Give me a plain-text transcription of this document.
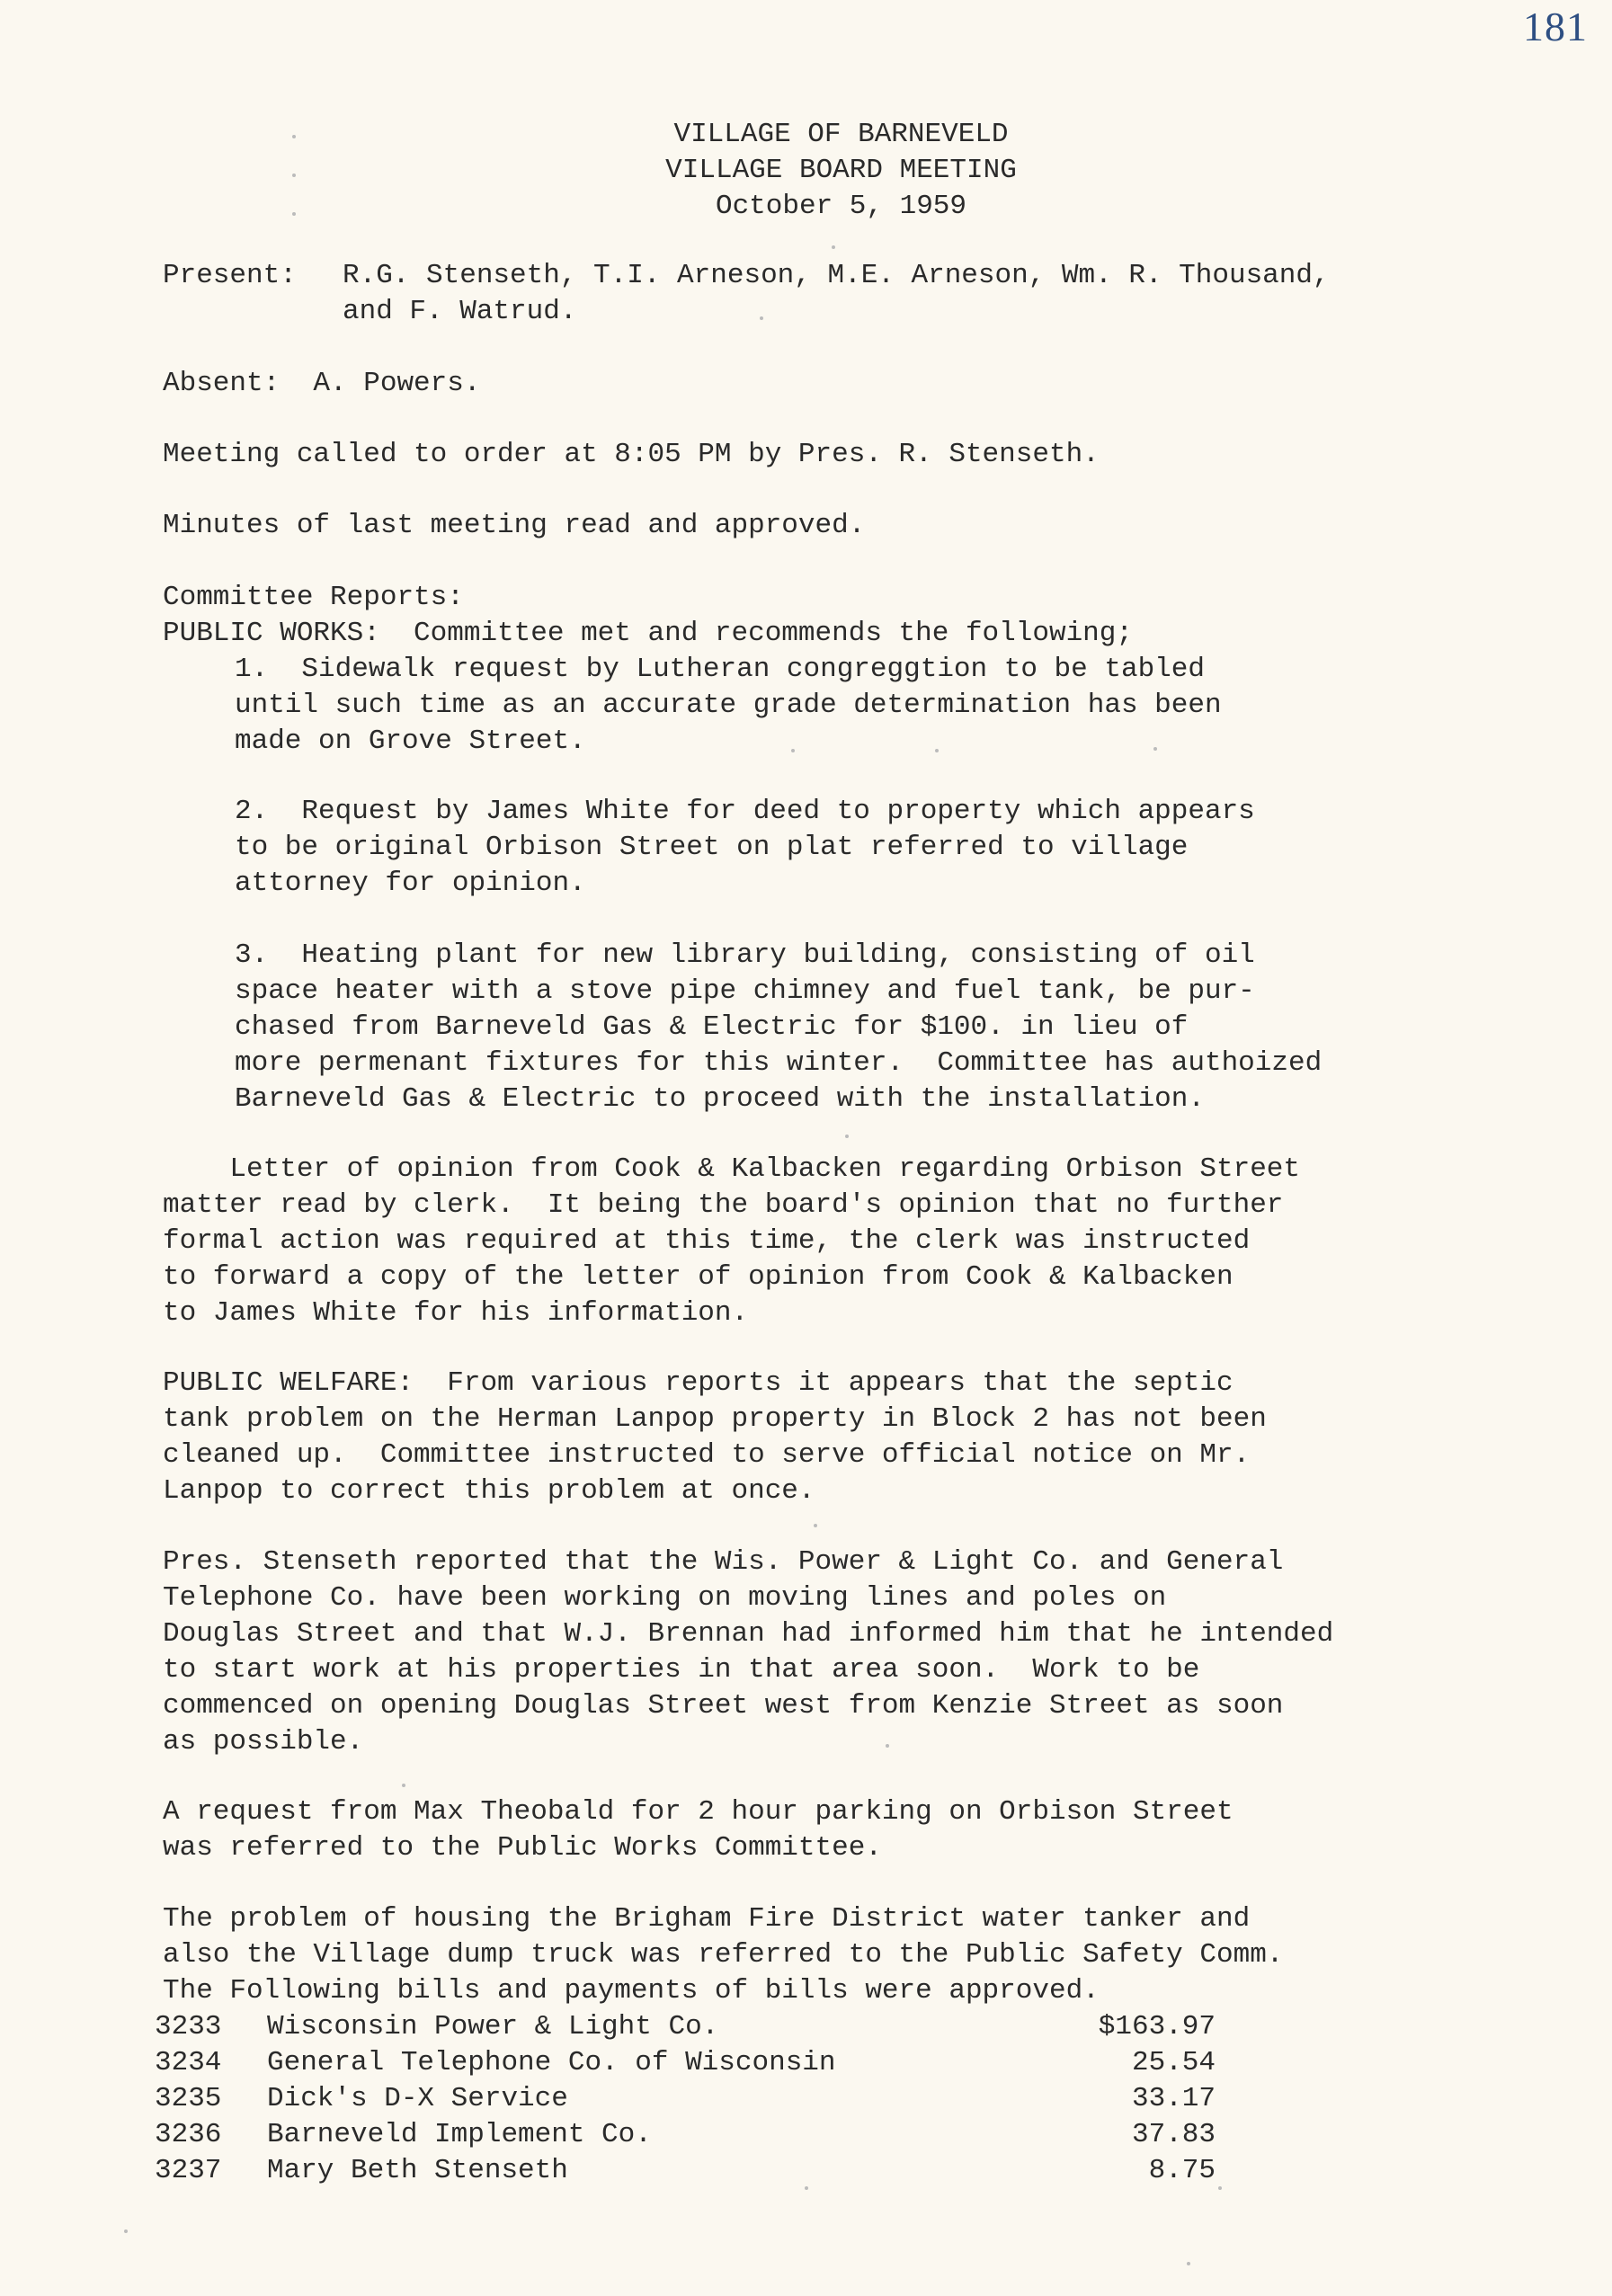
181
VILLAGE OF BARNEVELD
VILLAGE BOARD MEETING
October 5, 1959
Present: R.G. Stenseth, T.I. Arneson, M.E. Arneson, Wm. R. Thousand,
and F. Watrud.
Absent:  A. Powers.
Meeting called to order at 8:05 PM by Pres. R. Stenseth.
Minutes of last meeting read and approved.
Committee Reports:
PUBLIC WORKS:  Committee met and recommends the following;
1.  Sidewalk request by Lutheran congreggtion to be tabled
until such time as an accurate grade determination has been
made on Grove Street.
2.  Request by James White for deed to property which appears
to be original Orbison Street on plat referred to village
attorney for opinion.
3.  Heating plant for new library building, consisting of oil
space heater with a stove pipe chimney and fuel tank, be pur-
chased from Barneveld Gas & Electric for $100. in lieu of
more permenant fixtures for this winter.  Committee has authoized
Barneveld Gas & Electric to proceed with the installation.
Letter of opinion from Cook & Kalbacken regarding Orbison Street
matter read by clerk.  It being the board's opinion that no further
formal action was required at this time, the clerk was instructed
to forward a copy of the letter of opinion from Cook & Kalbacken
to James White for his information.
PUBLIC WELFARE:  From various reports it appears that the septic
tank problem on the Herman Lanpop property in Block 2 has not been
cleaned up.  Committee instructed to serve official notice on Mr.
Lanpop to correct this problem at once.
Pres. Stenseth reported that the Wis. Power & Light Co. and General
Telephone Co. have been working on moving lines and poles on
Douglas Street and that W.J. Brennan had informed him that he intended
to start work at his properties in that area soon.  Work to be
commenced on opening Douglas Street west from Kenzie Street as soon
as possible.
A request from Max Theobald for 2 hour parking on Orbison Street
was referred to the Public Works Committee.
The problem of housing the Brigham Fire District water tanker and
also the Village dump truck was referred to the Public Safety Comm.
The Following bills and payments of bills were approved.
3233 Wisconsin Power & Light Co.	$163.97
3234 General Telephone Co. of Wisconsin	25.54
3235 Dick's D-X Service	33.17
3236 Barneveld Implement Co.	37.83
3237 Mary Beth Stenseth	8.75
